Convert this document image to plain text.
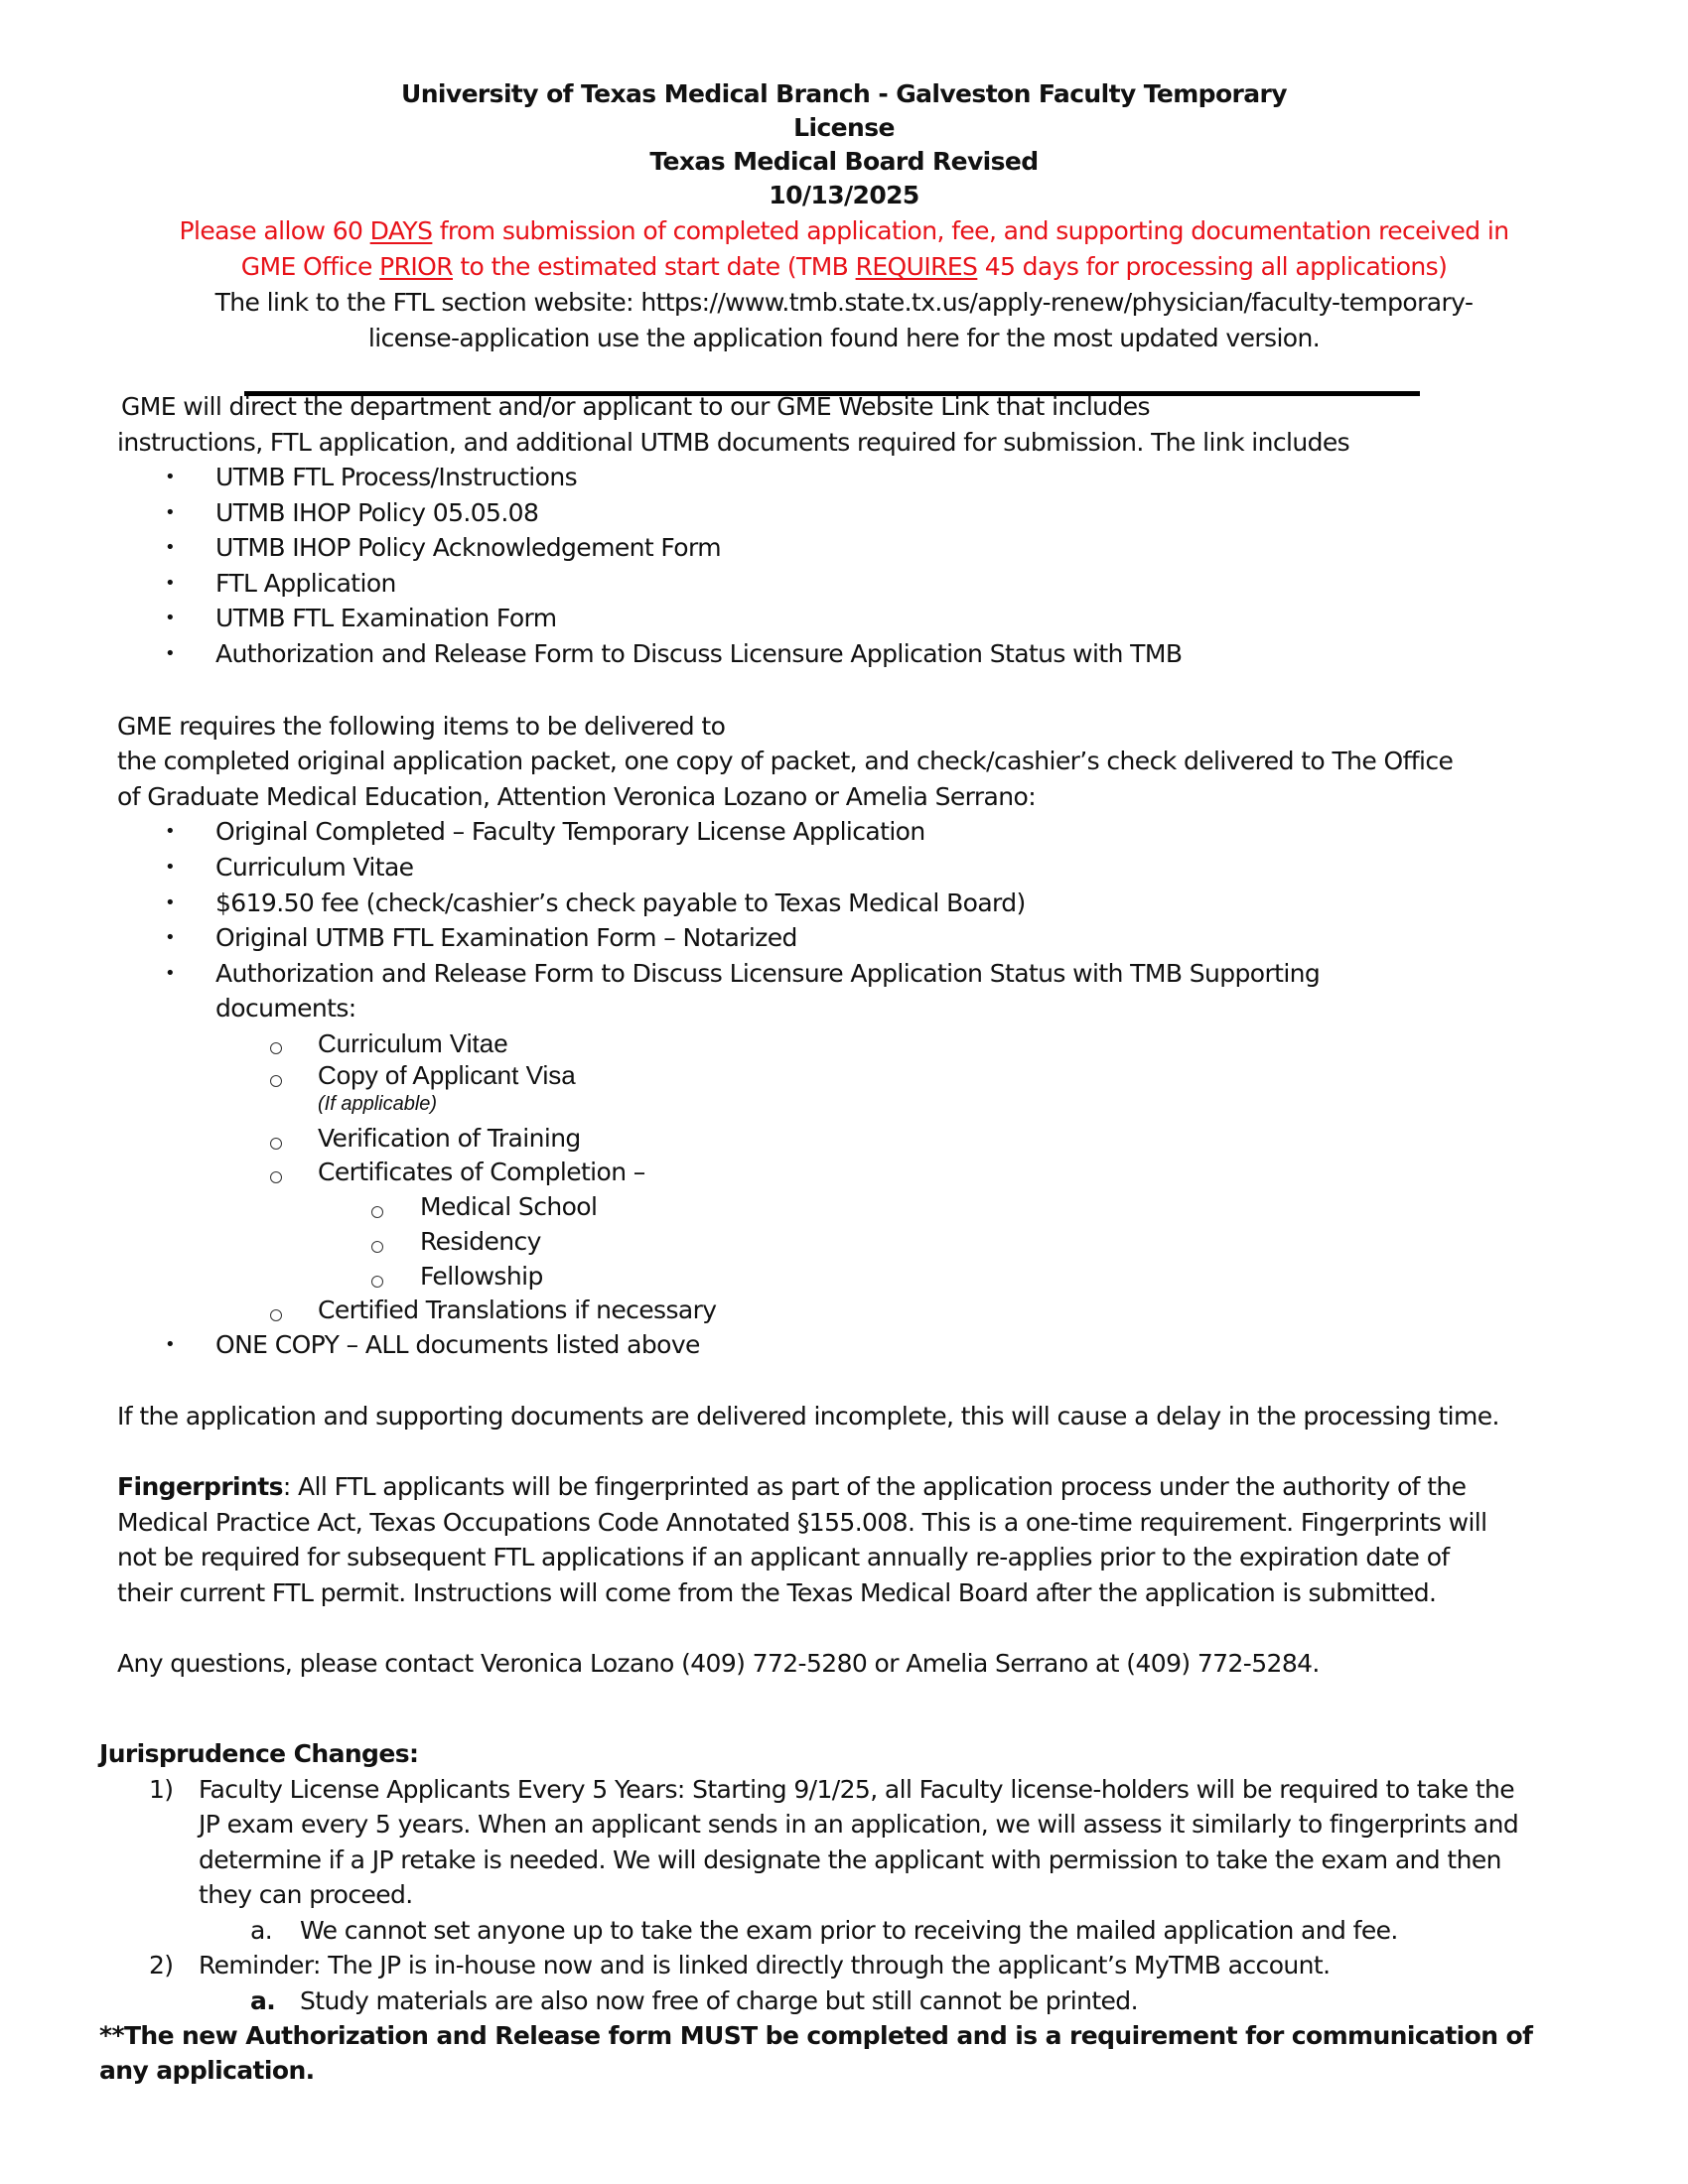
University of Texas Medical Branch - Galveston Faculty Temporary
License
Texas Medical Board Revised
10/13/2025
Please allow 60 DAYS from submission of completed application, fee, and supporting documentation received in
GME Office PRIOR to the estimated start date (TMB REQUIRES 45 days for processing all applications)
The link to the FTL section website: https://www.tmb.state.tx.us/apply-renew/physician/faculty-temporary-
license-application use the application found here for the most updated version.
GME will direct the department and/or applicant to our GME Website Link that includes
instructions, FTL application, and additional UTMB documents required for submission. The link includes
• UTMB FTL Process/Instructions
• UTMB IHOP Policy 05.05.08
• UTMB IHOP Policy Acknowledgement Form
• FTL Application
• UTMB FTL Examination Form
• Authorization and Release Form to Discuss Licensure Application Status with TMB
GME requires the following items to be delivered to
the completed original application packet, one copy of packet, and check/cashier’s check delivered to The Office
of Graduate Medical Education, Attention Veronica Lozano or Amelia Serrano:
• Original Completed – Faculty Temporary License Application
• Curriculum Vitae
• $619.50 fee (check/cashier’s check payable to Texas Medical Board)
• Original UTMB FTL Examination Form – Notarized
• Authorization and Release Form to Discuss Licensure Application Status with TMB Supporting
documents:
Curriculum Vitae
Copy of Applicant Visa
(If applicable)
Verification of Training
Certificates of Completion –
Medical School
Residency
Fellowship
Certified Translations if necessary
• ONE COPY – ALL documents listed above
If the application and supporting documents are delivered incomplete, this will cause a delay in the processing time.
Fingerprints: All FTL applicants will be fingerprinted as part of the application process under the authority of the
Medical Practice Act, Texas Occupations Code Annotated §155.008. This is a one-time requirement. Fingerprints will
not be required for subsequent FTL applications if an applicant annually re-applies prior to the expiration date of
their current FTL permit. Instructions will come from the Texas Medical Board after the application is submitted.
Any questions, please contact Veronica Lozano (409) 772-5280 or Amelia Serrano at (409) 772-5284.
Jurisprudence Changes:
1) Faculty License Applicants Every 5 Years: Starting 9/1/25, all Faculty license-holders will be required to take the
JP exam every 5 years. When an applicant sends in an application, we will assess it similarly to fingerprints and
determine if a JP retake is needed. We will designate the applicant with permission to take the exam and then
they can proceed.
a. We cannot set anyone up to take the exam prior to receiving the mailed application and fee.
2) Reminder: The JP is in-house now and is linked directly through the applicant’s MyTMB account.
a. Study materials are also now free of charge but still cannot be printed.
**The new Authorization and Release form MUST be completed and is a requirement for communication of
any application.
